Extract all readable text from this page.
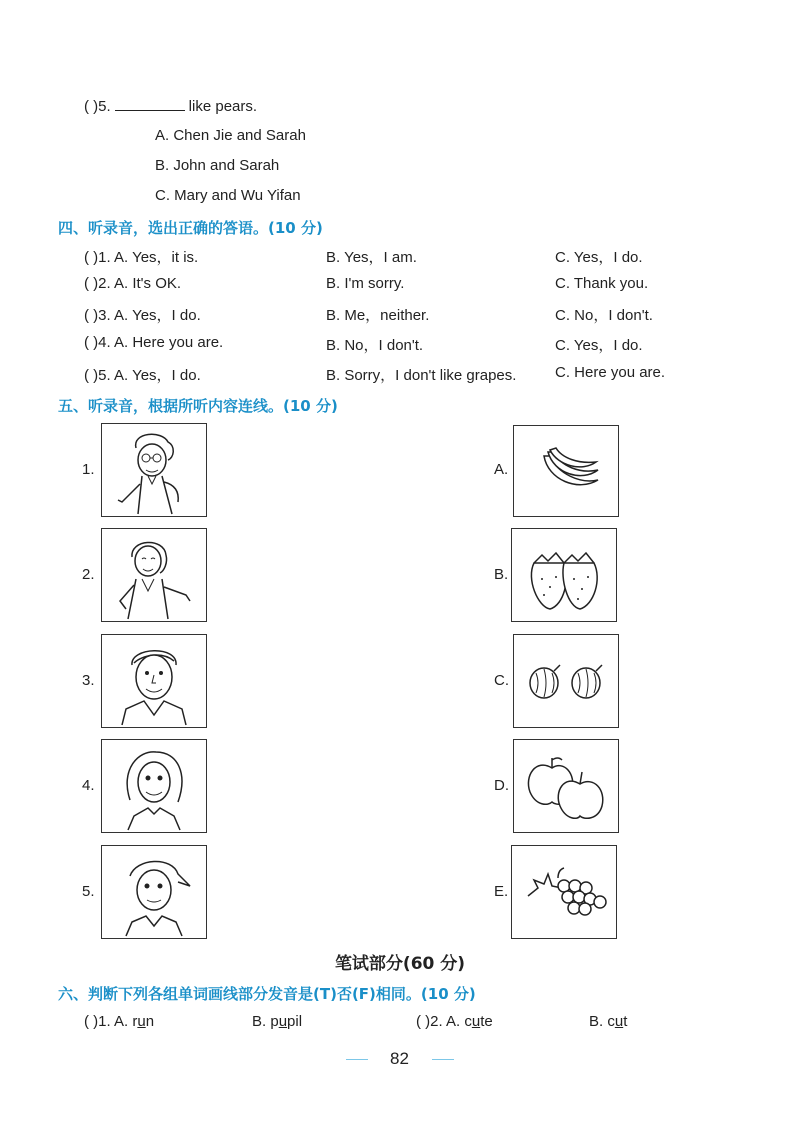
( )5.	like pears.
A. Chen Jie and Sarah
B. John and Sarah
C. Mary and Wu Yifan
四、听录音，选出正确的答语。(10 分)
( )1. A. Yes，it is.	B. Yes，I am.	C. Yes，I do.
( )2. A. It's OK.	B. I'm sorry.	C. Thank you.
( )3. A. Yes，I do.	B. Me，neither.	C. No，I don't.
( )4. A. Here you are.	B. No，I don't.	C. Yes，I do.
( )5. A. Yes，I do.	B. Sorry，I don't like grapes.	C. Here you are.
五、听录音，根据所听内容连线。(10 分)
1.
2.
3.
4.
5.
A.
B.
C.
D.
E.
笔试部分(60 分)
六、判断下列各组单词画线部分发音是(T)否(F)相同。(10 分)
( )1. A. run	B. pupil	( )2. A. cute	B. cut
82
